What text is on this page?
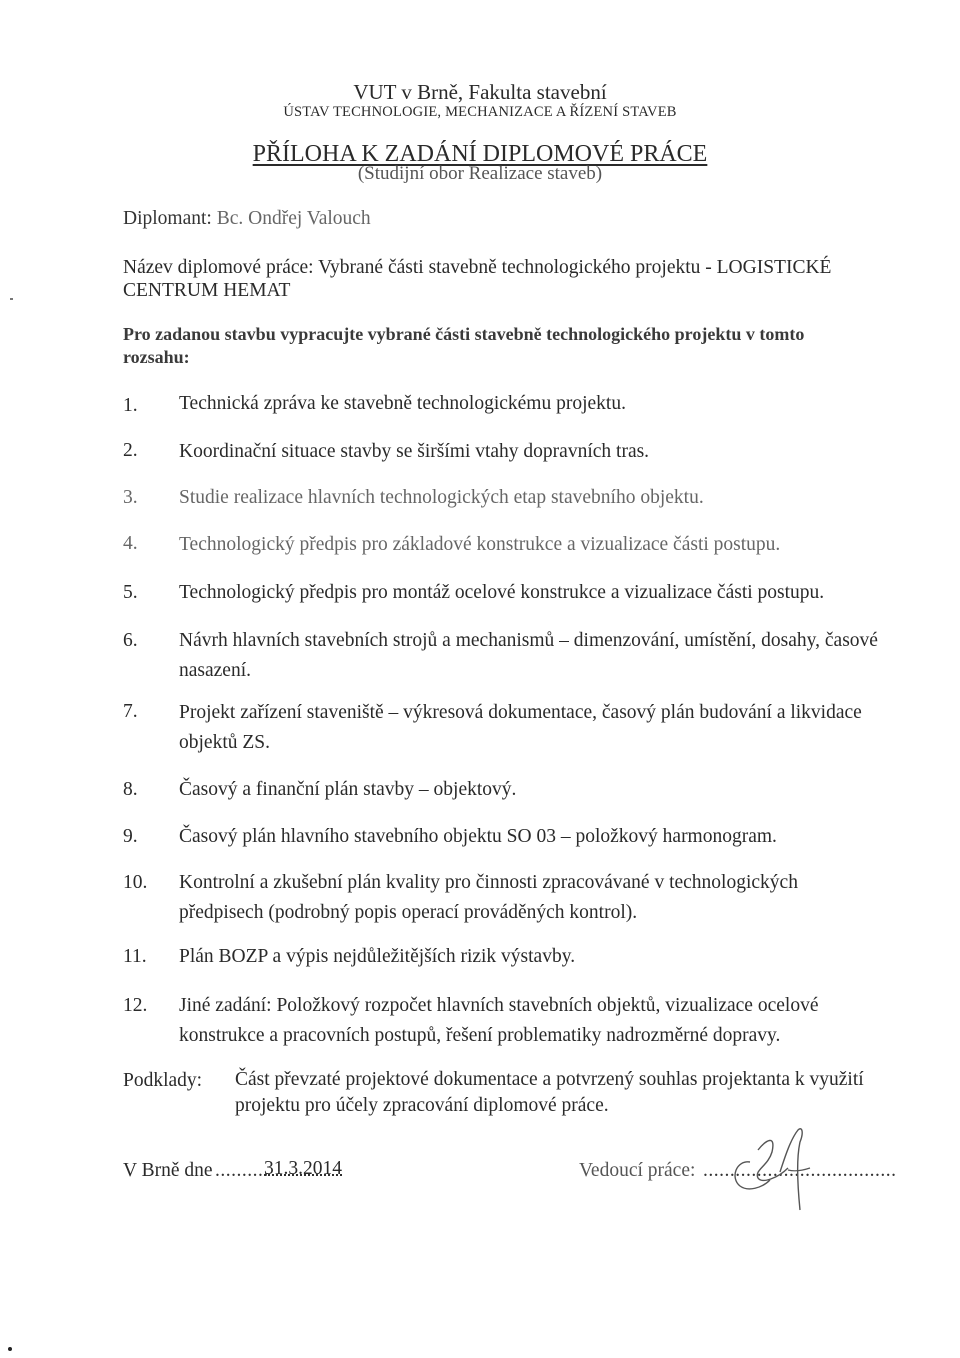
VUT v Brně, Fakulta stavební
ÚSTAV TECHNOLOGIE, MECHANIZACE A ŘÍZENÍ STAVEB
PŘÍLOHA K ZADÁNÍ DIPLOMOVÉ PRÁCE
(Studijní obor Realizace staveb)
Diplomant: Bc. Ondřej Valouch
Název diplomové práce: Vybrané části stavebně technologického projektu - LOGISTICKÉ CENTRUM HEMAT
Pro zadanou stavbu vypracujte vybrané části stavebně technologického projektu v tomto rozsahu:
1. Technická zpráva ke stavebně technologickému projektu.
2. Koordinační situace stavby se širšími vtahy dopravních tras.
3. Studie realizace hlavních technologických etap stavebního objektu.
4. Technologický předpis pro základové konstrukce a vizualizace části postupu.
5. Technologický předpis pro montáž ocelové konstrukce a vizualizace části postupu.
6. Návrh hlavních stavebních strojů a mechanismů – dimenzování, umístění, dosahy, časové nasazení.
7. Projekt zařízení staveniště – výkresová dokumentace, časový plán budování a likvidace objektů ZS.
8. Časový a finanční plán stavby – objektový.
9. Časový plán hlavního stavebního objektu SO 03 – položkový harmonogram.
10. Kontrolní a zkušební plán kvality pro činnosti zpracovávané v technologických předpisech (podrobný popis operací prováděných kontrol).
11. Plán BOZP a výpis nejdůležitějších rizik výstavby.
12. Jiné zadání: Položkový rozpočet hlavních stavebních objektů, vizualizace ocelové konstrukce a pracovních postupů, řešení problematiky nadrozměrné dopravy.
Podklady: Část převzaté projektové dokumentace a potvrzený souhlas projektanta k využití projektu pro účely zpracování diplomové práce.
V Brně dne ..........
31.3.2014	Vedoucí práce: ....................................
